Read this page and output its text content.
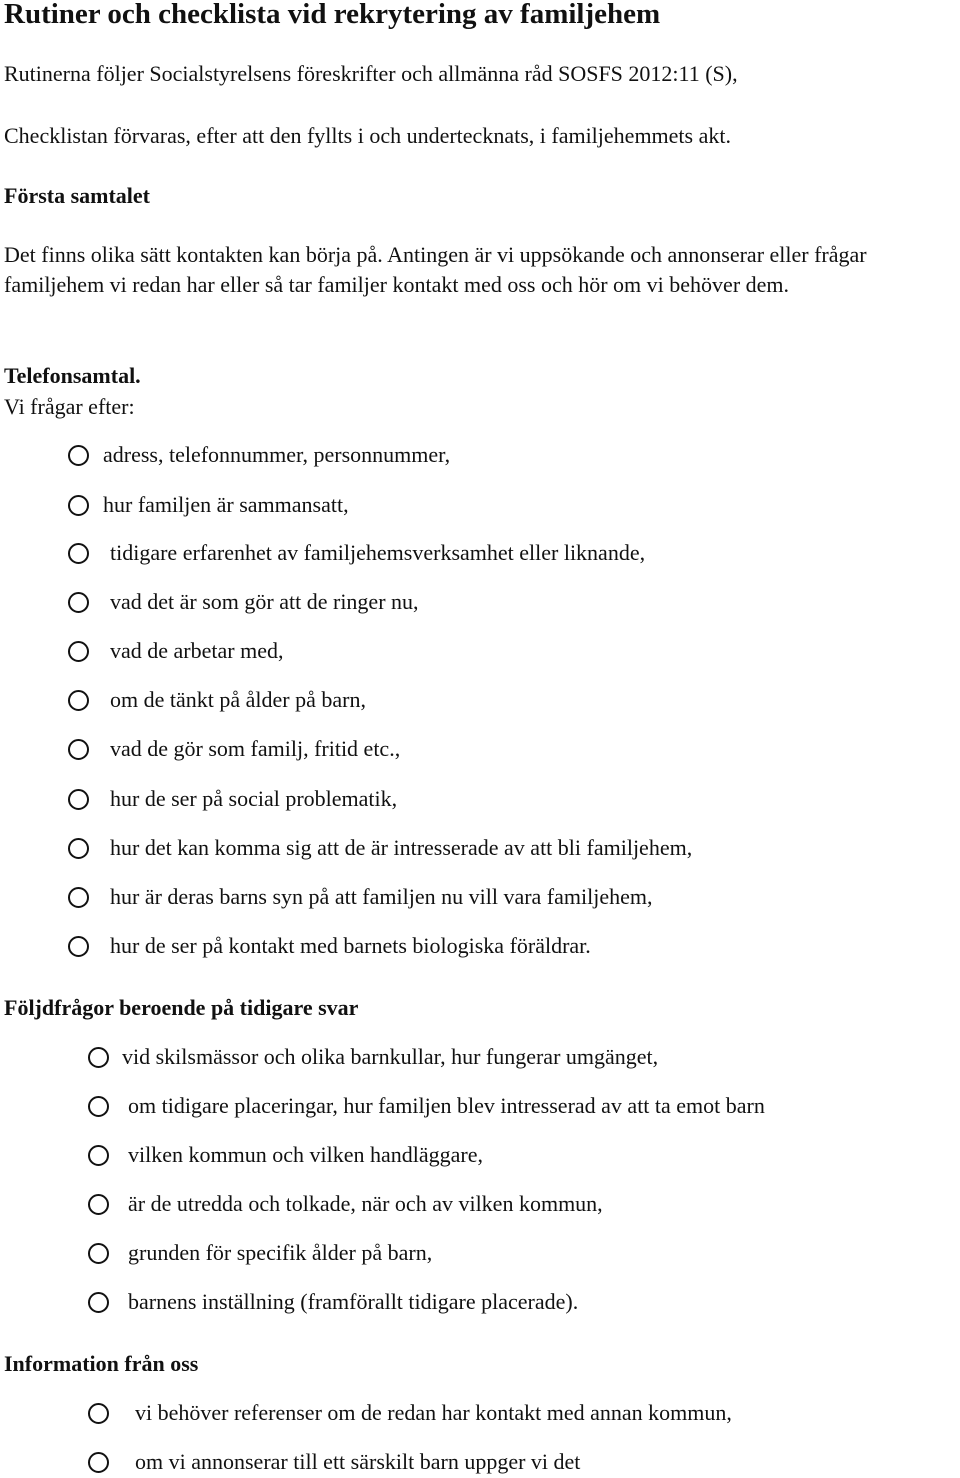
Rutiner och checklista vid rekrytering av familjehem
Rutinerna följer Socialstyrelsens föreskrifter och allmänna råd SOSFS 2012:11 (S),
Checklistan förvaras, efter att den fyllts i och undertecknats, i familjehemmets akt.
Första samtalet
Det finns olika sätt kontakten kan börja på. Antingen är vi uppsökande och annonserar eller frågar familjehem vi redan har eller så tar familjer kontakt med oss och hör om vi behöver dem.
Telefonsamtal.
Vi frågar efter:
adress, telefonnummer, personnummer,
hur familjen är sammansatt,
tidigare erfarenhet av familjehemsverksamhet eller liknande,
vad det är som gör att de ringer nu,
vad de arbetar med,
om de tänkt på ålder på barn,
vad de gör som familj, fritid etc.,
hur de ser på social problematik,
hur det kan komma sig att de är intresserade av att bli familjehem,
hur är deras barns syn på att familjen nu vill vara familjehem,
hur de ser på kontakt med barnets biologiska föräldrar.
Följdfrågor beroende på tidigare svar
vid skilsmässor och olika barnkullar, hur fungerar umgänget,
om tidigare placeringar, hur familjen blev intresserad av att ta emot barn
vilken kommun och vilken handläggare,
är de utredda och tolkade, när och av vilken kommun,
grunden för specifik ålder på barn,
barnens inställning (framförallt tidigare placerade).
Information från oss
vi behöver referenser om de redan har kontakt med annan kommun,
om vi annonserar till ett särskilt barn uppger vi det
